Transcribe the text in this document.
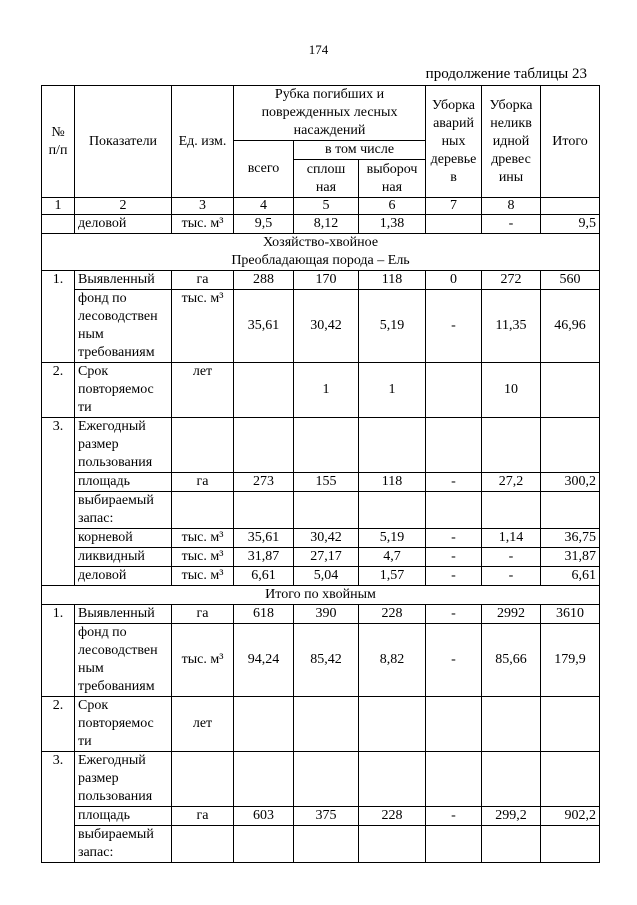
174
продолжение таблицы 23
№
п/п	Показатели	Ед. изм.	Рубка погибших и поврежденных лесных насаждений			Уборка
аварий
ных
деревье
в	Уборка
неликв
идной
древес
ины	Итого
			всего	в том числе				
				сплош
ная	выбороч
ная			
1	2	3	4	5	6	7	8	
	деловой	тыс. м³	9,5	8,12	1,38		-	9,5

Хозяйство-хвойное
Преобладающая порода – Ель								

1.	Выявленный	га	288	170	118	0	272	560
	фонд по
лесоводствен
ным
требованиям	тыс. м³	35,61	30,42	5,19	-	11,35	46,96
2.	Срок
повторяемос
ти	лет		1	1		10	
3.	Ежегодный
размер
пользования							
	площадь	га	273	155	118	-	27,2	300,2
	выбираемый
запас:							
	корневой	тыс. м³	35,61	30,42	5,19	-	1,14	36,75
	ликвидный	тыс. м³	31,87	27,17	4,7	-	-	31,87
	деловой	тыс. м³	6,61	5,04	1,57	-	-	6,61
Итого по хвойным								
1.	Выявленный	га	618	390	228	-	2992	3610
	фонд по
лесоводствен
ным
требованиям	тыс. м³	94,24	85,42	8,82	-	85,66	179,9
2.	Срок
повторяемос
ти	лет						
3.	Ежегодный
размер
пользования							
	площадь	га	603	375	228	-	299,2	902,2
	выбираемый
запас:							
